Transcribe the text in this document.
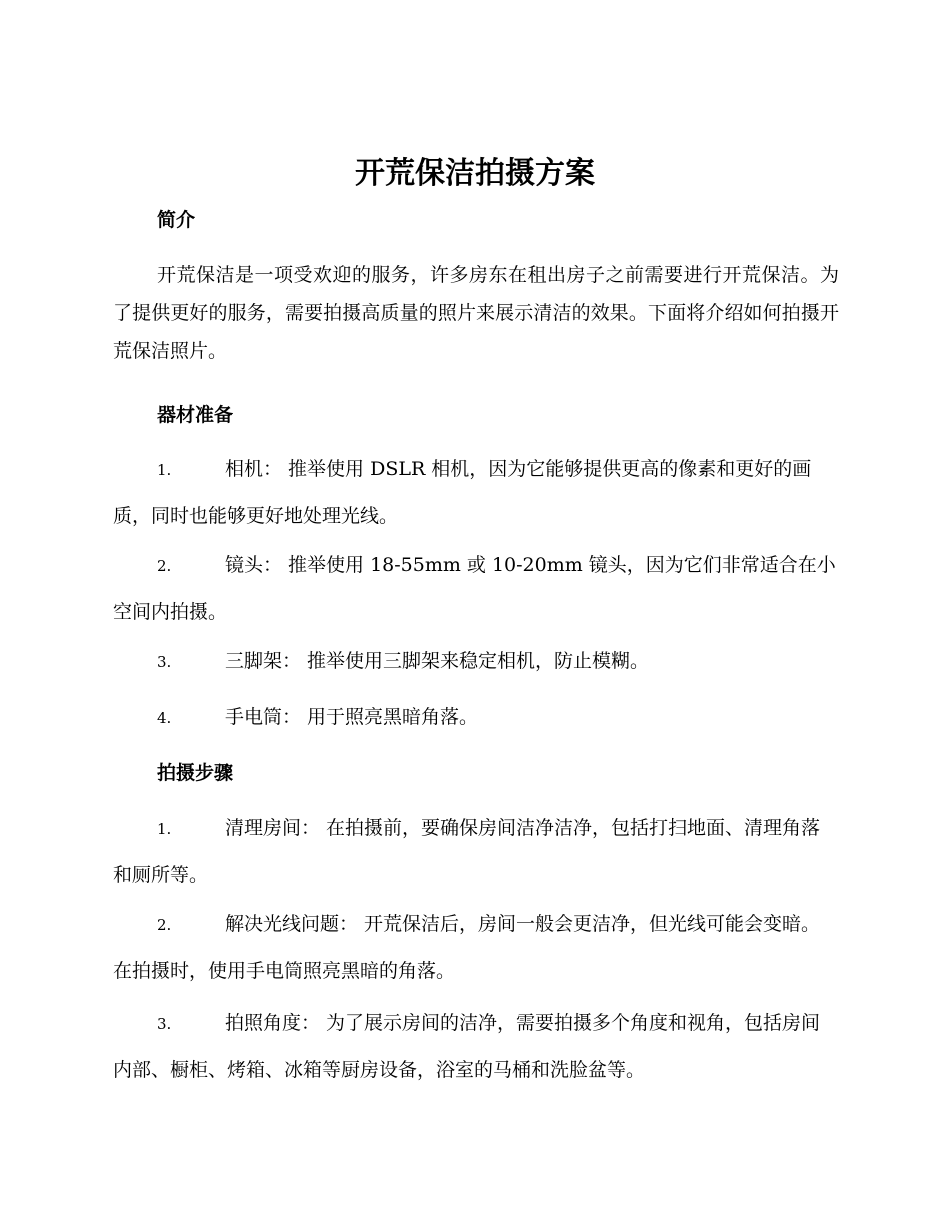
开荒保洁拍摄方案
简介

开荒保洁是一项受欢迎的服务，许多房东在租出房子之前需要进行开荒保洁。为了提供更好的服务，需要拍摄高质量的照片来展示清洁的效果。下面将介绍如何拍摄开荒保洁照片。

器材准备

1.	相机： 推举使用 DSLR 相机，因为它能够提供更高的像素和更好的画质，同时也能够更好地处理光线。

2.	镜头： 推举使用 18-55mm 或 10-20mm 镜头，因为它们非常适合在小空间内拍摄。

3.	三脚架： 推举使用三脚架来稳定相机，防止模糊。

4.	手电筒： 用于照亮黑暗角落。

拍摄步骤

1.	清理房间： 在拍摄前，要确保房间洁净洁净，包括打扫地面、清理角落和厕所等。

2.	解决光线问题： 开荒保洁后，房间一般会更洁净，但光线可能会变暗。在拍摄时，使用手电筒照亮黑暗的角落。

3.	拍照角度： 为了展示房间的洁净，需要拍摄多个角度和视角，包括房间内部、橱柜、烤箱、冰箱等厨房设备，浴室的马桶和洗脸盆等。
